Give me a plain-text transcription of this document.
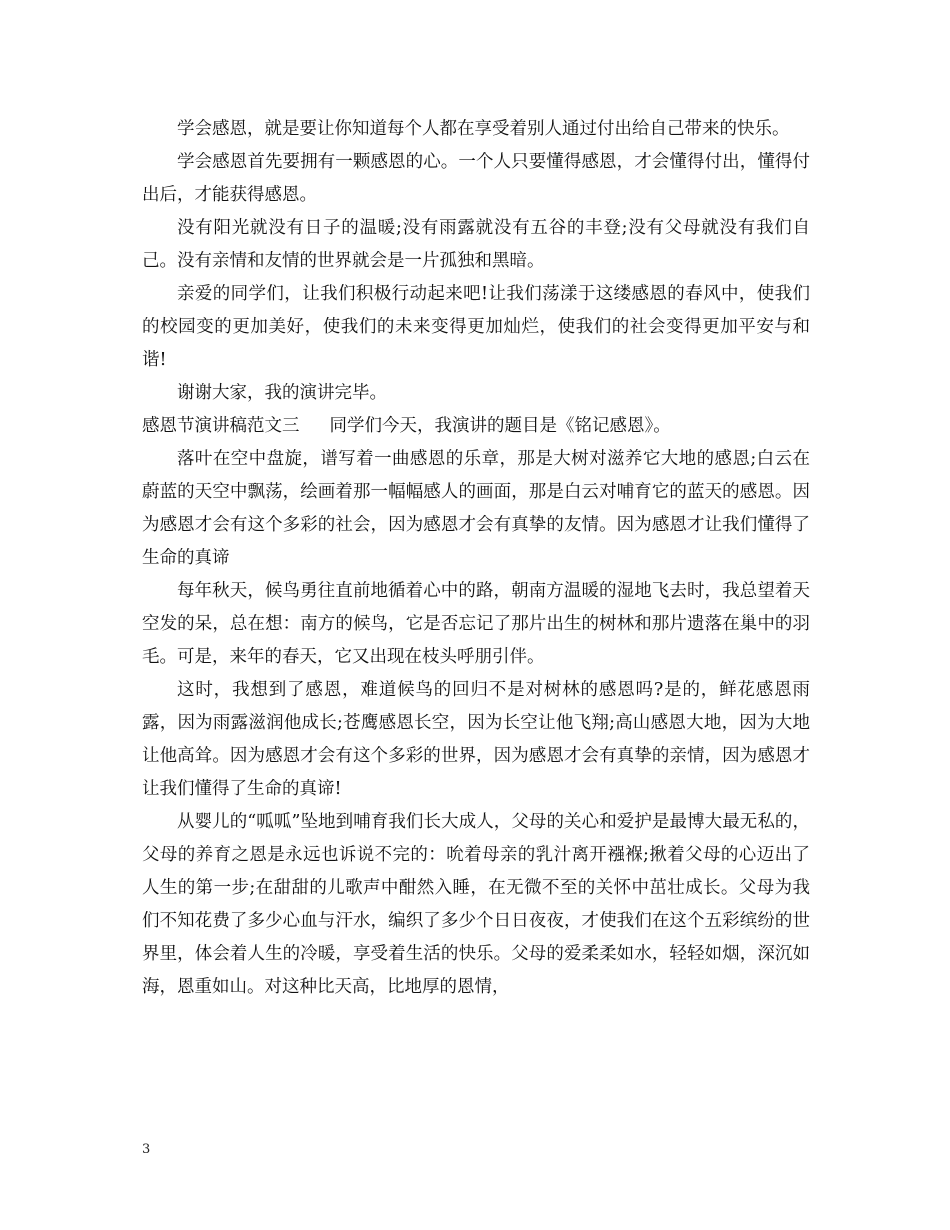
学会感恩，就是要让你知道每个人都在享受着别人通过付出给自己带来的快乐。

学会感恩首先要拥有一颗感恩的心。一个人只要懂得感恩，才会懂得付出，懂得付出后，才能获得感恩。

没有阳光就没有日子的温暖;没有雨露就没有五谷的丰登;没有父母就没有我们自己。没有亲情和友情的世界就会是一片孤独和黑暗。

亲爱的同学们，让我们积极行动起来吧!让我们荡漾于这缕感恩的春风中，使我们的校园变的更加美好，使我们的未来变得更加灿烂，使我们的社会变得更加平安与和谐!

谢谢大家，我的演讲完毕。

感恩节演讲稿范文三 同学们今天，我演讲的题目是《铭记感恩》。

落叶在空中盘旋，谱写着一曲感恩的乐章，那是大树对滋养它大地的感恩;白云在蔚蓝的天空中飘荡，绘画着那一幅幅感人的画面，那是白云对哺育它的蓝天的感恩。因为感恩才会有这个多彩的社会，因为感恩才会有真挚的友情。因为感恩才让我们懂得了生命的真谛

每年秋天，候鸟勇往直前地循着心中的路，朝南方温暖的湿地飞去时，我总望着天空发的呆，总在想：南方的候鸟，它是否忘记了那片出生的树林和那片遗落在巢中的羽毛。可是，来年的春天，它又出现在枝头呼朋引伴。

这时，我想到了感恩，难道候鸟的回归不是对树林的感恩吗?是的，鲜花感恩雨露，因为雨露滋润他成长;苍鹰感恩长空，因为长空让他飞翔;高山感恩大地，因为大地让他高耸。因为感恩才会有这个多彩的世界，因为感恩才会有真挚的亲情，因为感恩才让我们懂得了生命的真谛!

从婴儿的“呱呱”坠地到哺育我们长大成人，父母的关心和爱护是最博大最无私的，父母的养育之恩是永远也诉说不完的：吮着母亲的乳汁离开襁褓;揪着父母的心迈出了人生的第一步;在甜甜的儿歌声中酣然入睡，在无微不至的关怀中茁壮成长。父母为我们不知花费了多少心血与汗水，编织了多少个日日夜夜，才使我们在这个五彩缤纷的世界里，体会着人生的冷暖，享受着生活的快乐。父母的爱柔柔如水，轻轻如烟，深沉如海，恩重如山。对这种比天高，比地厚的恩情，

3
